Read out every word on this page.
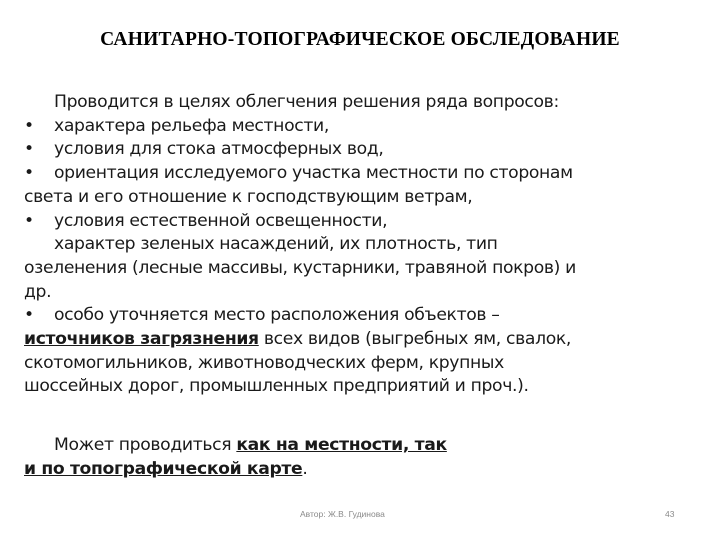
САНИТАРНО-ТОПОГРАФИЧЕСКОЕ ОБСЛЕДОВАНИЕ

Проводится в целях облегчения решения ряда вопросов:

• характера рельефа местности,

• условия для стока атмосферных вод,

• ориентация исследуемого участка местности по сторонам

света и его отношение к господствующим ветрам,

• условия естественной освещенности,

характер зеленых насаждений, их плотность, тип

озеленения (лесные массивы, кустарники, травяной покров) и

др.

• особо уточняется место расположения объектов –

источников загрязнения всех видов (выгребных ям, свалок,

скотомогильников, животноводческих ферм, крупных

шоссейных дорог, промышленных предприятий и проч.).

Может проводиться как на местности, так

и по топографической карте.

Автор: Ж.В. Гудинова	43
